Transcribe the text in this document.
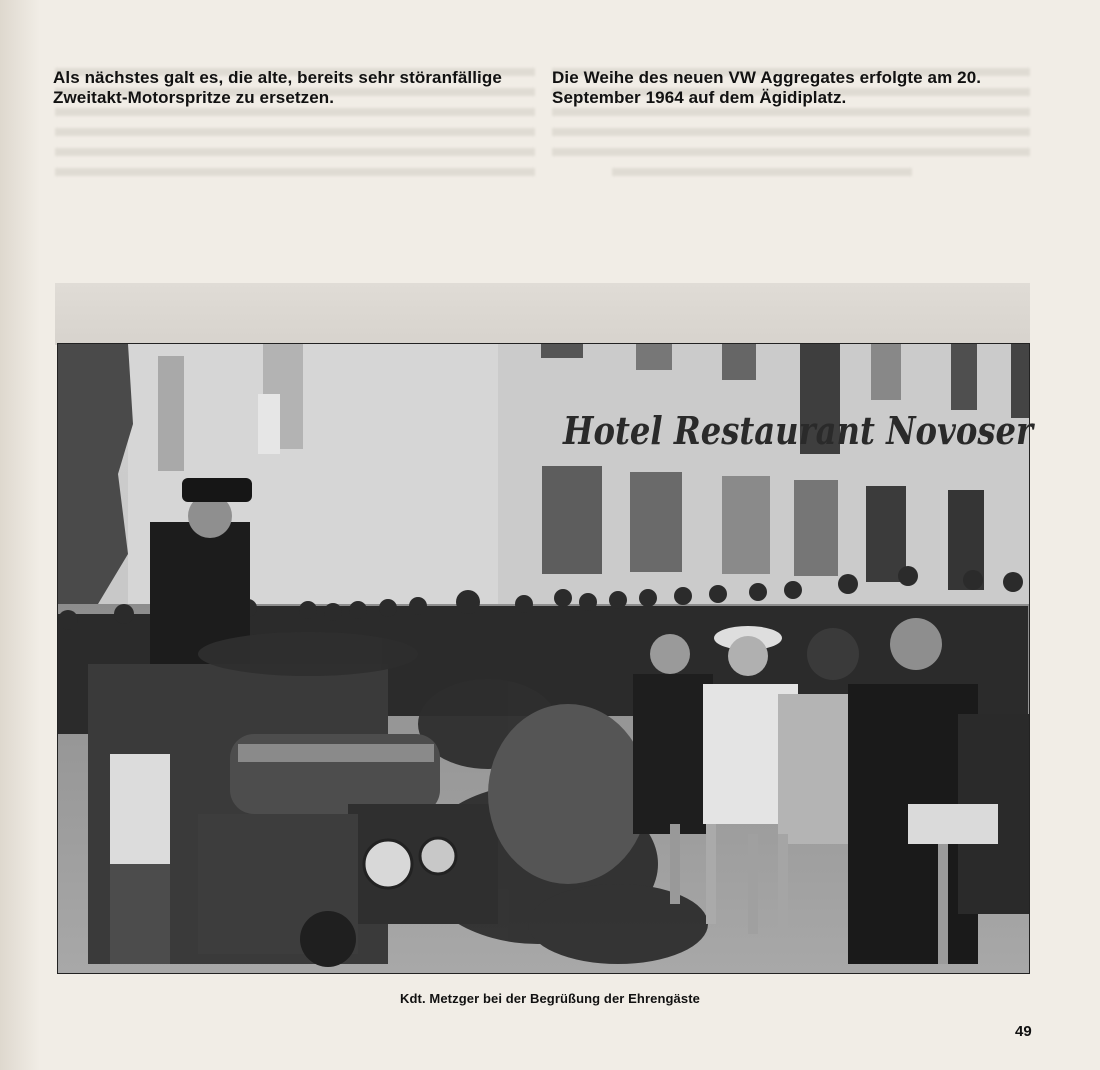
Als nächstes galt es, die alte, bereits sehr störanfällige Zweitakt-Motorspritze zu ersetzen.
Die Weihe des neuen VW Aggregates erfolgte am 20. September 1964 auf dem Ägidiplatz.
Hotel Restaurant Novoser
Kdt. Metzger bei der Begrüßung der Ehrengäste
49
